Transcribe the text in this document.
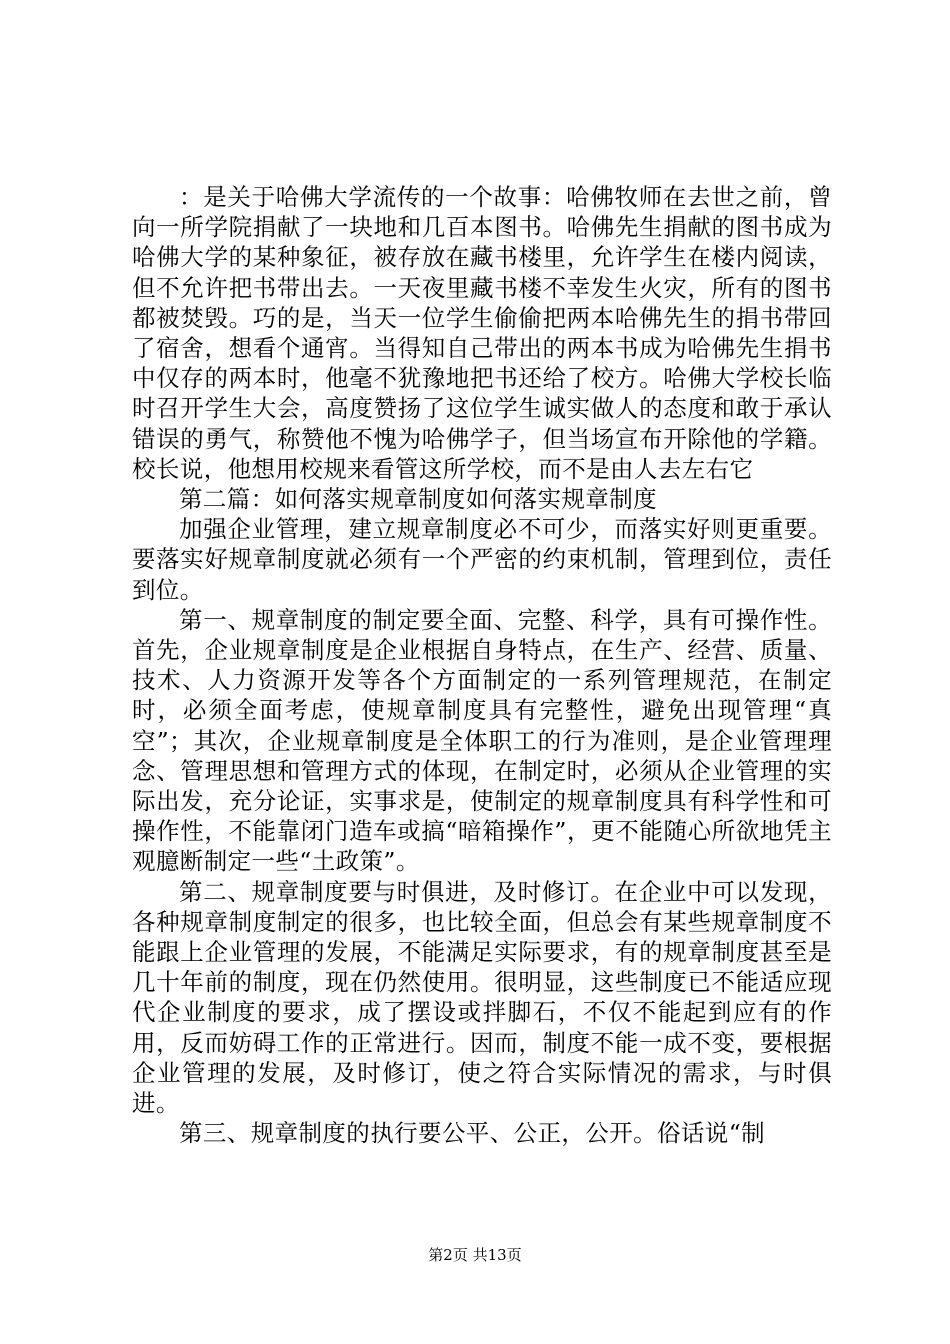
：是关于哈佛大学流传的一个故事：哈佛牧师在去世之前，曾向一所学院捐献了一块地和几百本图书。哈佛先生捐献的图书成为哈佛大学的某种象征，被存放在藏书楼里，允许学生在楼内阅读，但不允许把书带出去。一天夜里藏书楼不幸发生火灾，所有的图书都被焚毁。巧的是，当天一位学生偷偷把两本哈佛先生的捐书带回了宿舍，想看个通宵。当得知自己带出的两本书成为哈佛先生捐书中仅存的两本时，他毫不犹豫地把书还给了校方。哈佛大学校长临时召开学生大会，高度赞扬了这位学生诚实做人的态度和敢于承认错误的勇气，称赞他不愧为哈佛学子，但当场宣布开除他的学籍。校长说，他想用校规来看管这所学校，而不是由人去左右它

第二篇：如何落实规章制度如何落实规章制度

加强企业管理，建立规章制度必不可少，而落实好则更重要。要落实好规章制度就必须有一个严密的约束机制，管理到位，责任到位。

第一、规章制度的制定要全面、完整、科学，具有可操作性。首先，企业规章制度是企业根据自身特点，在生产、经营、质量、技术、人力资源开发等各个方面制定的一系列管理规范，在制定时，必须全面考虑，使规章制度具有完整性，避免出现管理“真空”；其次，企业规章制度是全体职工的行为准则，是企业管理理念、管理思想和管理方式的体现，在制定时，必须从企业管理的实际出发，充分论证，实事求是，使制定的规章制度具有科学性和可操作性，不能靠闭门造车或搞“暗箱操作”，更不能随心所欲地凭主观臆断制定一些“土政策”。

第二、规章制度要与时俱进，及时修订。在企业中可以发现，各种规章制度制定的很多，也比较全面，但总会有某些规章制度不能跟上企业管理的发展，不能满足实际要求，有的规章制度甚至是几十年前的制度，现在仍然使用。很明显，这些制度已不能适应现代企业制度的要求，成了摆设或拌脚石，不仅不能起到应有的作用，反而妨碍工作的正常进行。因而，制度不能一成不变，要根据企业管理的发展，及时修订，使之符合实际情况的需求，与时俱进。

第三、规章制度的执行要公平、公正，公开。俗话说“制

第2页 共13页
